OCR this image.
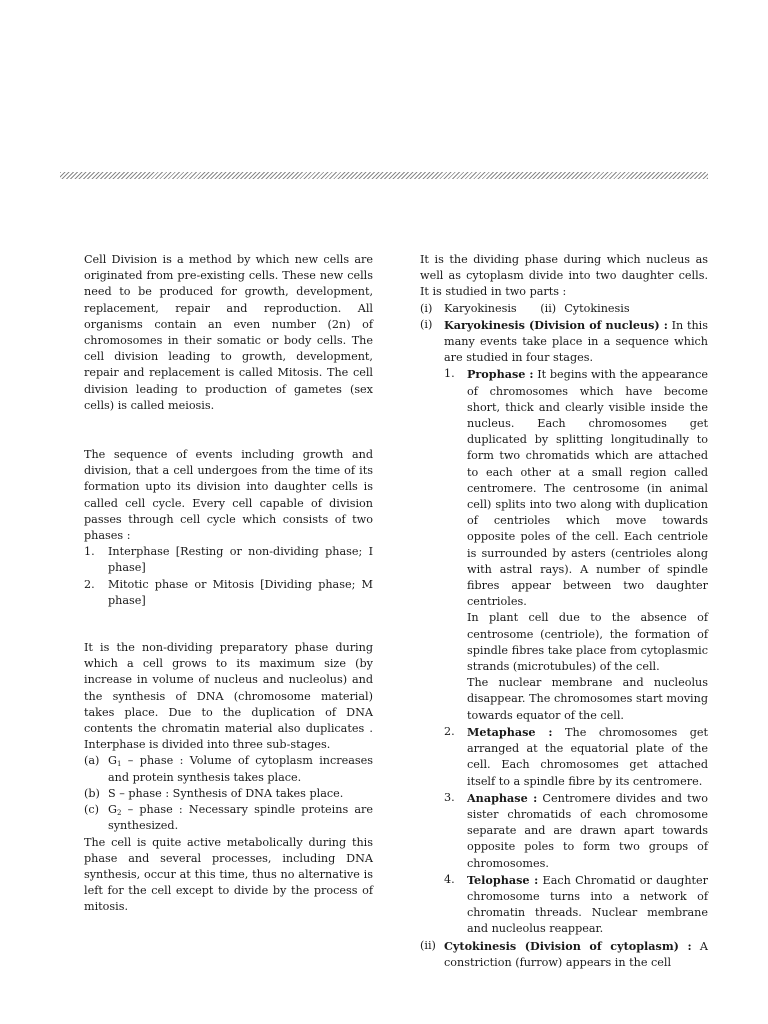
Cell Division is a method by which new cells are originated from pre-existing cells. These new cells need to be produced for growth, development, replacement, repair and reproduction. All organisms contain an even number (2n) of chromosomes in their somatic or body cells. The cell division leading to growth, development, repair and replacement is called Mitosis. The cell division leading to production of gametes (sex cells) is called meiosis.

The sequence of events including growth and division, that a cell undergoes from the time of its formation upto its division into daughter cells is called cell cycle. Every cell capable of division passes through cell cycle which consists of two phases :

1.	Interphase [Resting or non-dividing phase; I phase]
2.	Mitotic phase or Mitosis [Dividing phase; M phase]

It is the non-dividing preparatory phase during which a cell grows to its maximum size (by increase in volume of nucleus and nucleolus) and the synthesis of DNA (chromosome material) takes place. Due to the duplication of DNA contents the chromatin material also duplicates . Interphase is divided into three sub-stages.

(a) $G_1$ – phase : Volume of cytoplasm increases and protein synthesis takes place.
(b) S – phase : Synthesis of DNA takes place.
(c) $G_2$ – phase : Necessary spindle proteins are synthesized.

The cell is quite active metabolically during this phase and several processes, including DNA synthesis, occur at this time, thus no alternative is left for the cell except to divide by the process of mitosis.

It is the dividing phase during which nucleus as well as cytoplasm divide into two daughter cells. It is studied in two parts :

(i) Karyokinesis (ii) Cytokinesis
(i)	Karyokinesis (Division of nucleus) : In this many events take place in a sequence which are studied in four stages.
1.	Prophase : It begins with the appearance of chromosomes which have become short, thick and clearly visible inside the nucleus. Each chromosomes get duplicated by splitting longitudinally to form two chromatids which are attached to each other at a small region called centromere. The centrosome (in animal cell) splits into two along with duplication of centrioles which move towards opposite poles of the cell. Each centriole is surrounded by asters (centrioles along with astral rays). A number of spindle fibres appear between two daughter centrioles.

In plant cell due to the absence of centrosome (centriole), the formation of spindle fibres take place from cytoplasmic strands (microtubules) of the cell.

The nuclear membrane and nucleolus disappear. The chromosomes start moving towards equator of the cell.

2.	Metaphase : The chromosomes get arranged at the equatorial plate of the cell. Each chromosomes get attached itself to a spindle fibre by its centromere.
3.	Anaphase : Centromere divides and two sister chromatids of each chromosome separate and are drawn apart towards opposite poles to form two groups of chromosomes.
4.	Telophase : Each Chromatid or daughter chromosome turns into a network of chromatin threads. Nuclear membrane and nucleolus reappear.
(ii) Cytokinesis (Division of cytoplasm) : A constriction (furrow) appears in the cell
